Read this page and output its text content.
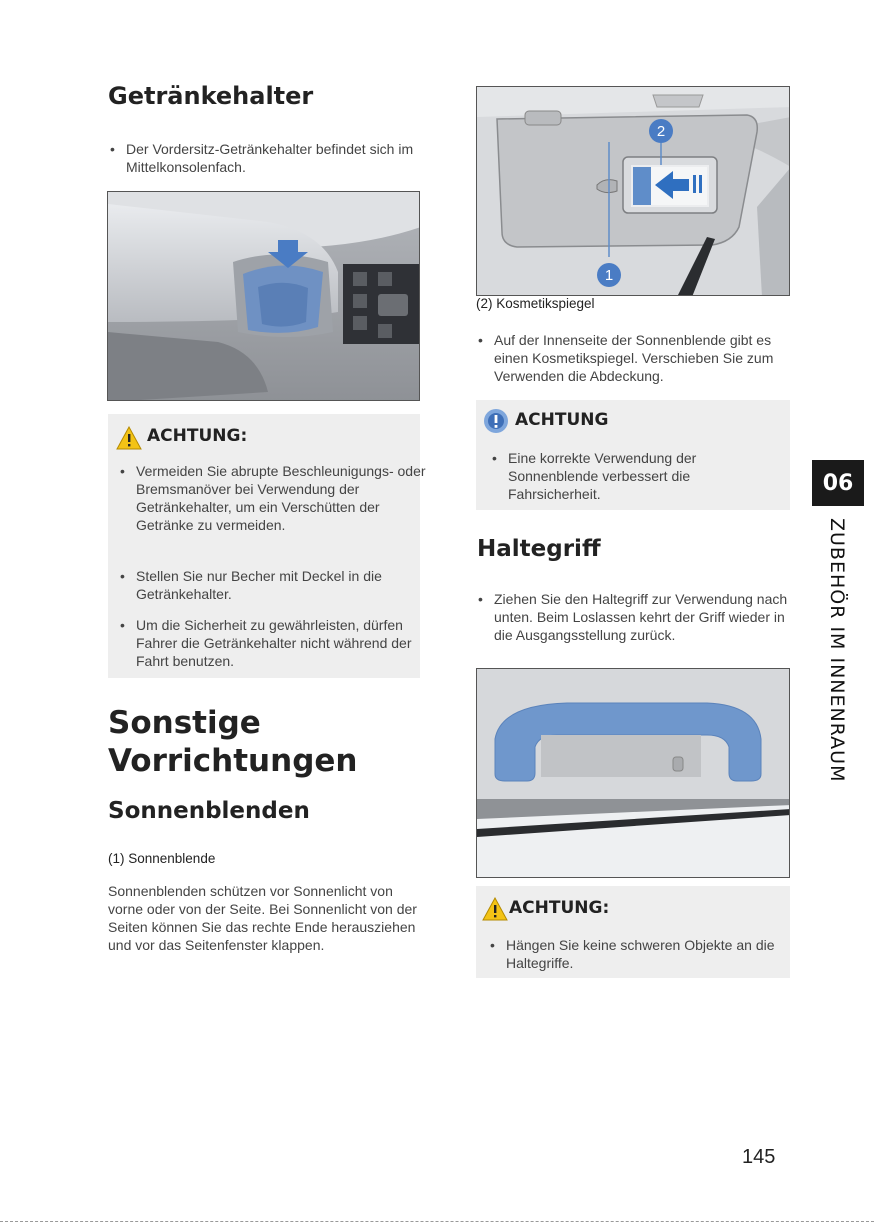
Getränkehalter
• Der Vordersitz-Getränkehalter befindet sich im Mittelkonsolenfach.
ACHTUNG:
• Vermeiden Sie abrupte Beschleunigungs- oder Bremsmanöver bei Verwendung der Getränkehalter, um ein Verschütten der Getränke zu vermeiden.
• Stellen Sie nur Becher mit Deckel in die Getränkehalter.
• Um die Sicherheit zu gewährleisten, dürfen Fahrer die Getränkehalter nicht während der Fahrt benutzen.
Sonstige Vorrichtungen
Sonnenblenden
(1) Sonnenblende
Sonnenblenden schützen vor Sonnenlicht von vorne oder von der Seite. Bei Sonnenlicht von der Seiten können Sie das rechte Ende herausziehen und vor das Seitenfenster klappen.
2
1
(2) Kosmetikspiegel
• Auf der Innenseite der Sonnenblende gibt es einen Kosmetikspiegel. Verschieben Sie zum Verwenden die Abdeckung.
ACHTUNG
• Eine korrekte Verwendung der Sonnenblende verbessert die Fahrsicherheit.
Haltegriff
• Ziehen Sie den Haltegriff zur Verwendung nach unten. Beim Loslassen kehrt der Griff wieder in die Ausgangsstellung zurück.
ACHTUNG:
• Hängen Sie keine schweren Objekte an die Haltegriffe.
06
ZUBEHÖR IM INNENRAUM
145
